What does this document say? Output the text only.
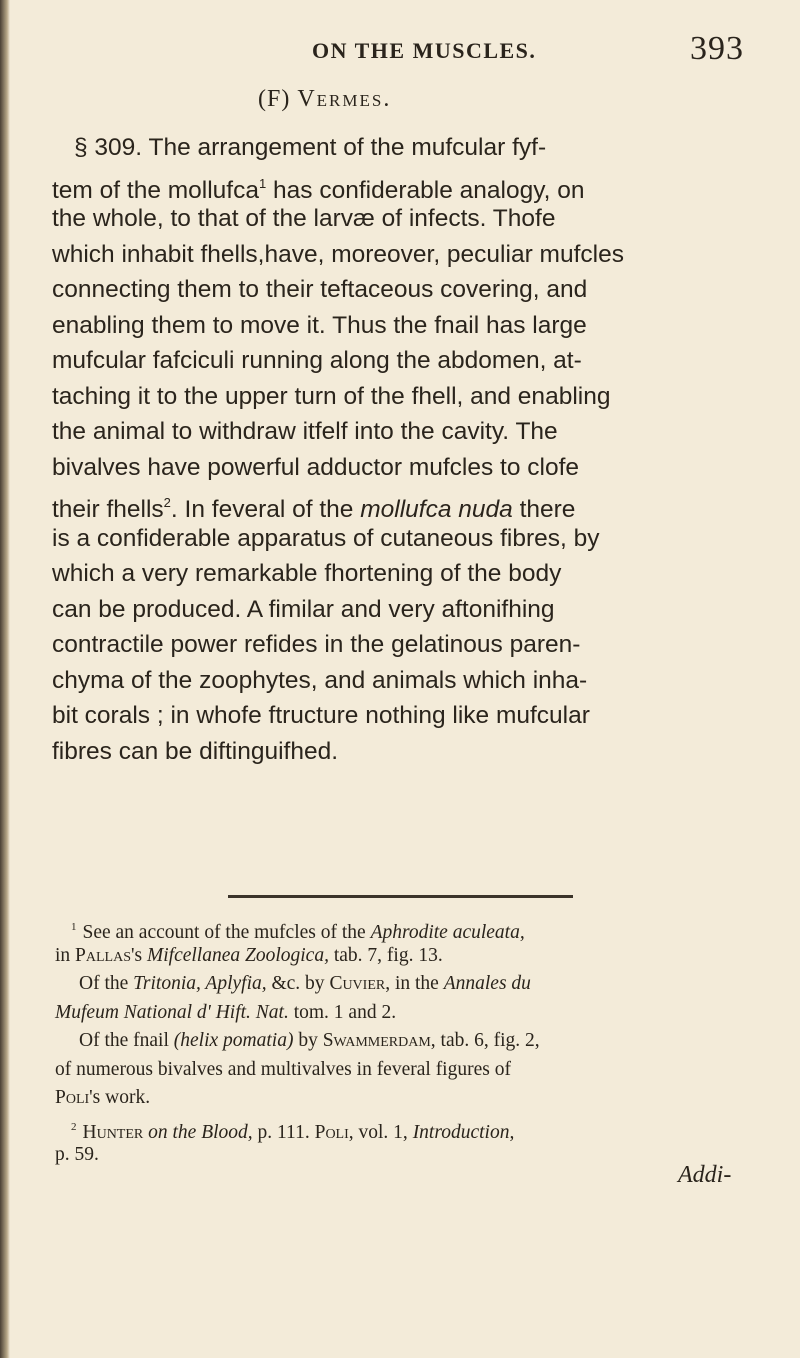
ON THE MUSCLES.	393
(F) Vermes.
§ 309. The arrangement of the mufcular fyf-
tem of the mollufca$^1$ has confiderable analogy, on
the whole, to that of the larvæ of infects. Thofe
which inhabit fhells,have, moreover, peculiar mufcles
connecting them to their teftaceous covering, and
enabling them to move it. Thus the fnail has large
mufcular fafciculi running along the abdomen, at-
taching it to the upper turn of the fhell, and enabling
the animal to withdraw itfelf into the cavity. The
bivalves have powerful adductor mufcles to clofe
their fhells$^2$. In feveral of the mollufca nuda there
is a confiderable apparatus of cutaneous fibres, by
which a very remarkable fhortening of the body
can be produced. A fimilar and very aftonifhing
contractile power refides in the gelatinous paren-
chyma of the zoophytes, and animals which inha-
bit corals ; in whofe ftructure nothing like mufcular
fibres can be diftinguifhed.
$^1$ See an account of the mufcles of the Aphrodite aculeata,
in Pallas's Mifcellanea Zoologica, tab. 7, fig. 13.
Of the Tritonia, Aplyfia, &c. by Cuvier, in the Annales du
Mufeum National d' Hift. Nat. tom. 1 and 2.
Of the fnail (helix pomatia) by Swammerdam, tab. 6, fig. 2,
of numerous bivalves and multivalves in feveral figures of
Poli's work.
$^2$ Hunter on the Blood, p. 111. Poli, vol. 1, Introduction,
p. 59.
Addi-
